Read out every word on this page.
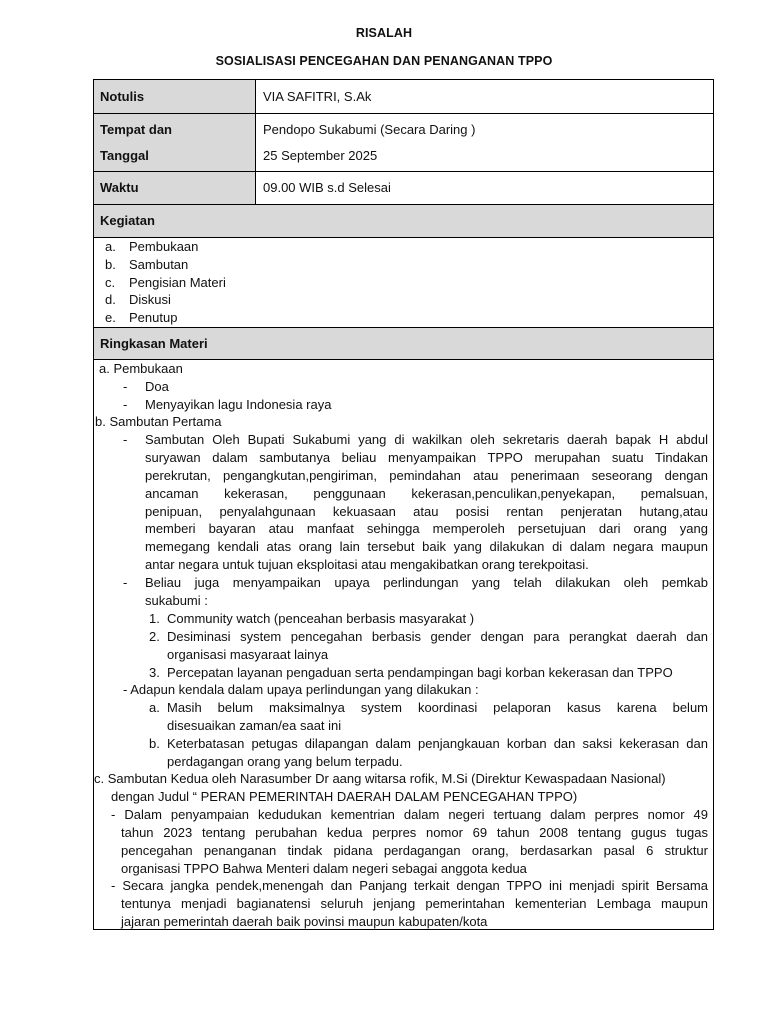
RISALAH
SOSIALISASI PENCEGAHAN DAN PENANGANAN TPPO
Notulis	VIA SAFITRI, S.Ak
Tempat dan
Tanggal
Pendopo Sukabumi (Secara Daring )
25 September 2025
Waktu	09.00 WIB s.d Selesai
Kegiatan
a. Pembukaan
b. Sambutan
c. Pengisian Materi
d. Diskusi
e. Penutup
Ringkasan Materi
a. Pembukaan
- Doa
- Menyayikan lagu Indonesia raya
b. Sambutan Pertama
- Sambutan Oleh Bupati Sukabumi yang di wakilkan oleh sekretaris daerah bapak H abdul
suryawan dalam sambutanya beliau menyampaikan TPPO merupahan suatu Tindakan
perekrutan, pengangkutan,pengiriman, pemindahan atau penerimaan seseorang dengan
ancaman kekerasan, penggunaan kekerasan,penculikan,penyekapan, pemalsuan,
penipuan, penyalahgunaan kekuasaan atau posisi rentan penjeratan hutang,atau
memberi bayaran atau manfaat sehingga memperoleh persetujuan dari orang yang
memegang kendali atas orang lain tersebut baik yang dilakukan di dalam negara maupun
antar negara untuk tujuan eksploitasi atau mengakibatkan orang terekpoitasi.
- Beliau juga menyampaikan upaya perlindungan yang telah dilakukan oleh pemkab
sukabumi :
1. Community watch (penceahan berbasis masyarakat )
2. Desiminasi system pencegahan berbasis gender dengan para perangkat daerah dan
organisasi masyaraat lainya
3. Percepatan layanan pengaduan serta pendampingan bagi korban kekerasan dan TPPO
- Adapun kendala dalam upaya perlindungan yang dilakukan :
a. Masih belum maksimalnya system koordinasi pelaporan kasus karena belum
disesuaikan zaman/ea saat ini
b. Keterbatasan petugas dilapangan dalam penjangkauan korban dan saksi kekerasan dan
perdagangan orang yang belum terpadu.
c. Sambutan Kedua oleh Narasumber Dr aang witarsa rofik, M.Si (Direktur Kewaspadaan Nasional)
dengan Judul “ PERAN PEMERINTAH DAERAH DALAM PENCEGAHAN TPPO)
- Dalam penyampaian kedudukan kementrian dalam negeri tertuang dalam perpres nomor 49
tahun 2023 tentang perubahan kedua perpres nomor 69 tahun 2008 tentang gugus tugas
pencegahan penanganan tindak pidana perdagangan orang, berdasarkan pasal 6 struktur
organisasi TPPO Bahwa Menteri dalam negeri sebagai anggota kedua
- Secara jangka pendek,menengah dan Panjang terkait dengan TPPO ini menjadi spirit Bersama
tentunya menjadi bagianatensi seluruh jenjang pemerintahan kementerian Lembaga maupun
jajaran pemerintah daerah baik povinsi maupun kabupaten/kota
